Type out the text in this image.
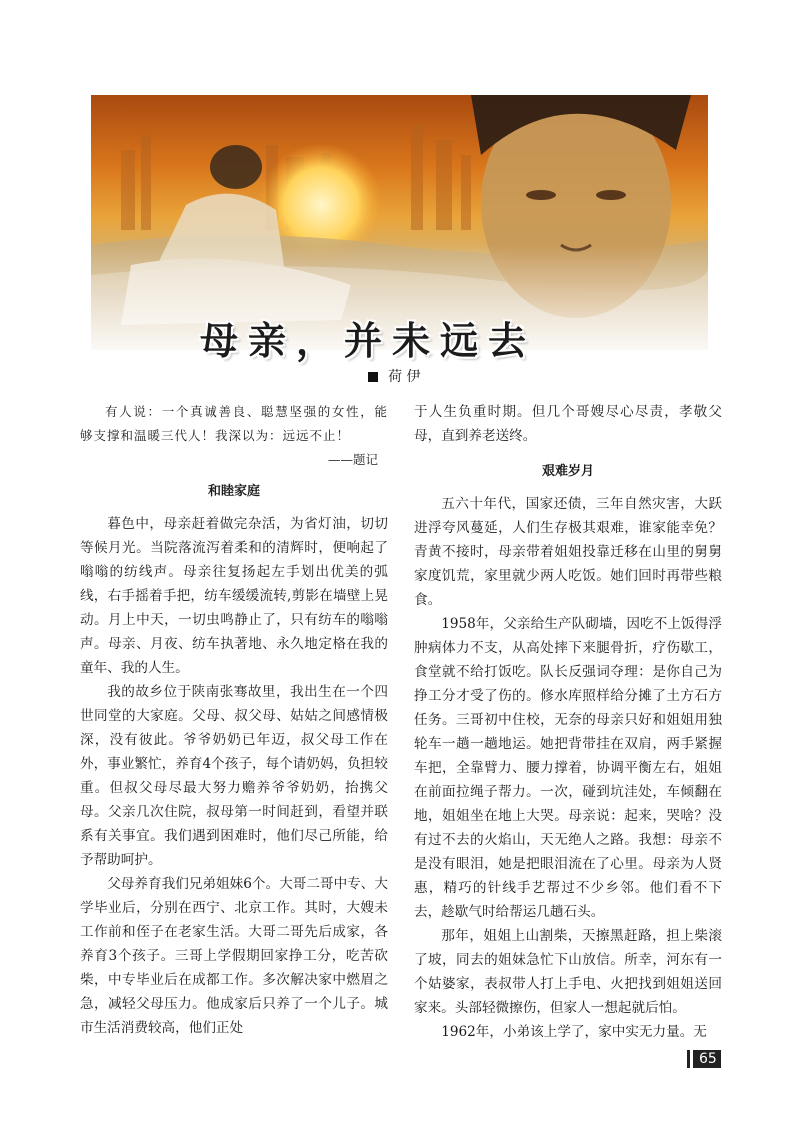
母亲，并未远去
荷 伊

有人说：一个真诚善良、聪慧坚强的女性，能够支撑和温暖三代人！我深以为：远远不止！

——题记

和睦家庭

暮色中，母亲赶着做完杂活，为省灯油，切切等候月光。当院落流泻着柔和的清辉时，便响起了嗡嗡的纺线声。母亲往复扬起左手划出优美的弧线，右手摇着手把，纺车缓缓流转,剪影在墙壁上晃动。月上中天，一切虫鸣静止了，只有纺车的嗡嗡声。母亲、月夜、纺车执著地、永久地定格在我的童年、我的人生。

我的故乡位于陕南张骞故里，我出生在一个四世同堂的大家庭。父母、叔父母、姑姑之间感情极深，没有彼此。爷爷奶奶已年迈，叔父母工作在外，事业繁忙，养育4个孩子，每个请奶妈，负担较重。但叔父母尽最大努力赡养爷爷奶奶，抬携父母。父亲几次住院，叔母第一时间赶到，看望并联系有关事宜。我们遇到困难时，他们尽己所能，给予帮助呵护。

父母养育我们兄弟姐妹6个。大哥二哥中专、大学毕业后，分别在西宁、北京工作。其时，大嫂未工作前和侄子在老家生活。大哥二哥先后成家，各养育3个孩子。三哥上学假期回家挣工分，吃苦砍柴，中专毕业后在成都工作。多次解决家中燃眉之急，减轻父母压力。他成家后只养了一个儿子。城市生活消费较高，他们正处

于人生负重时期。但几个哥嫂尽心尽责，孝敬父母，直到养老送终。

艰难岁月

五六十年代，国家还债，三年自然灾害，大跃进浮夸风蔓延，人们生存极其艰难，谁家能幸免？青黄不接时，母亲带着姐姐投靠迁移在山里的舅舅家度饥荒，家里就少两人吃饭。她们回时再带些粮食。

1958年，父亲给生产队砌墙，因吃不上饭得浮肿病体力不支，从高处摔下来腿骨折，疗伤歇工，食堂就不给打饭吃。队长反强词夺理：是你自己为挣工分才受了伤的。修水库照样给分摊了土方石方任务。三哥初中住校，无奈的母亲只好和姐姐用独轮车一趟一趟地运。她把背带挂在双肩，两手紧握车把，全靠臂力、腰力撑着，协调平衡左右，姐姐在前面拉绳子帮力。一次，碰到坑洼处，车倾翻在地，姐姐坐在地上大哭。母亲说：起来，哭啥？没有过不去的火焰山，天无绝人之路。我想：母亲不是没有眼泪，她是把眼泪流在了心里。母亲为人贤惠，精巧的针线手艺帮过不少乡邻。他们看不下去，趁歇气时给帮运几趟石头。

那年，姐姐上山割柴，天擦黑赶路，担上柴滚了坡，同去的姐妹急忙下山放信。所幸，河东有一个姑婆家，表叔带人打上手电、火把找到姐姐送回家来。头部轻微擦伤，但家人一想起就后怕。

1962年，小弟该上学了，家中实无力量。无

65
